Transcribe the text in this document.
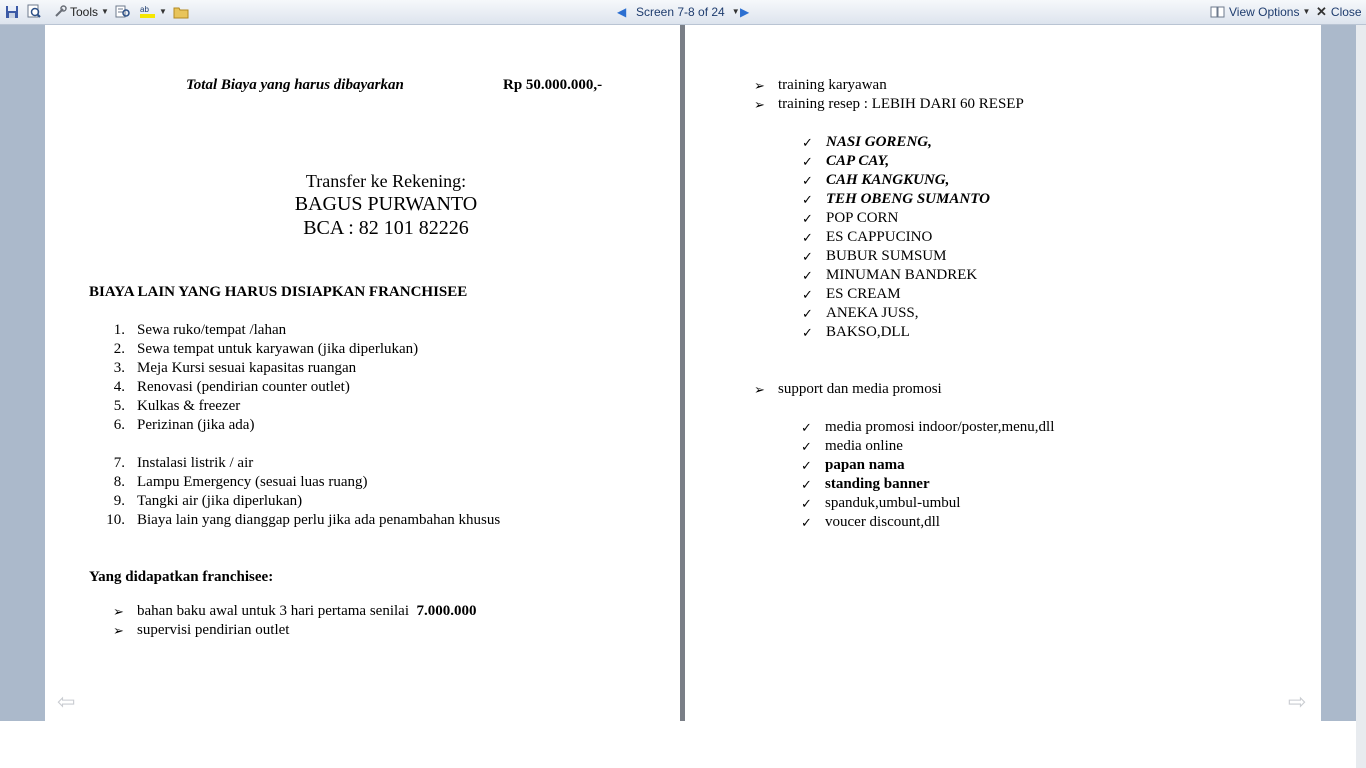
Tools ▼	ab ▼	◀ Screen 7-8 of 24 ▼ ▶	View Options ▼ ✕ Close
Total Biaya yang harus dibayarkan	Rp 50.000.000,-
Transfer ke Rekening:
BAGUS PURWANTO
BCA : 82 101 82226
BIAYA LAIN YANG HARUS DISIAPKAN FRANCHISEE
1. Sewa ruko/tempat /lahan
2. Sewa tempat untuk karyawan (jika diperlukan)
3. Meja Kursi sesuai kapasitas ruangan
4. Renovasi (pendirian counter outlet)
5. Kulkas & freezer
6. Perizinan (jika ada)
7. Instalasi listrik / air
8. Lampu Emergency (sesuai luas ruang)
9. Tangki air (jika diperlukan)
10. Biaya lain yang dianggap perlu jika ada penambahan khusus
Yang didapatkan franchisee:
➢ bahan baku awal untuk 3 hari pertama senilai 7.000.000
➢ supervisi pendirian outlet
⇦
➢ training karyawan
➢ training resep : LEBIH DARI 60 RESEP
✓ NASI GORENG,
✓ CAP CAY,
✓ CAH KANGKUNG,
✓ TEH OBENG SUMANTO
✓ POP CORN
✓ ES CAPPUCINO
✓ BUBUR SUMSUM
✓ MINUMAN BANDREK
✓ ES CREAM
✓ ANEKA JUSS,
✓ BAKSO,DLL
➢ support dan media promosi
✓ media promosi indoor/poster,menu,dll
✓ media online
✓ papan nama
✓ standing banner
✓ spanduk,umbul-umbul
✓ voucer discount,dll
⇨
